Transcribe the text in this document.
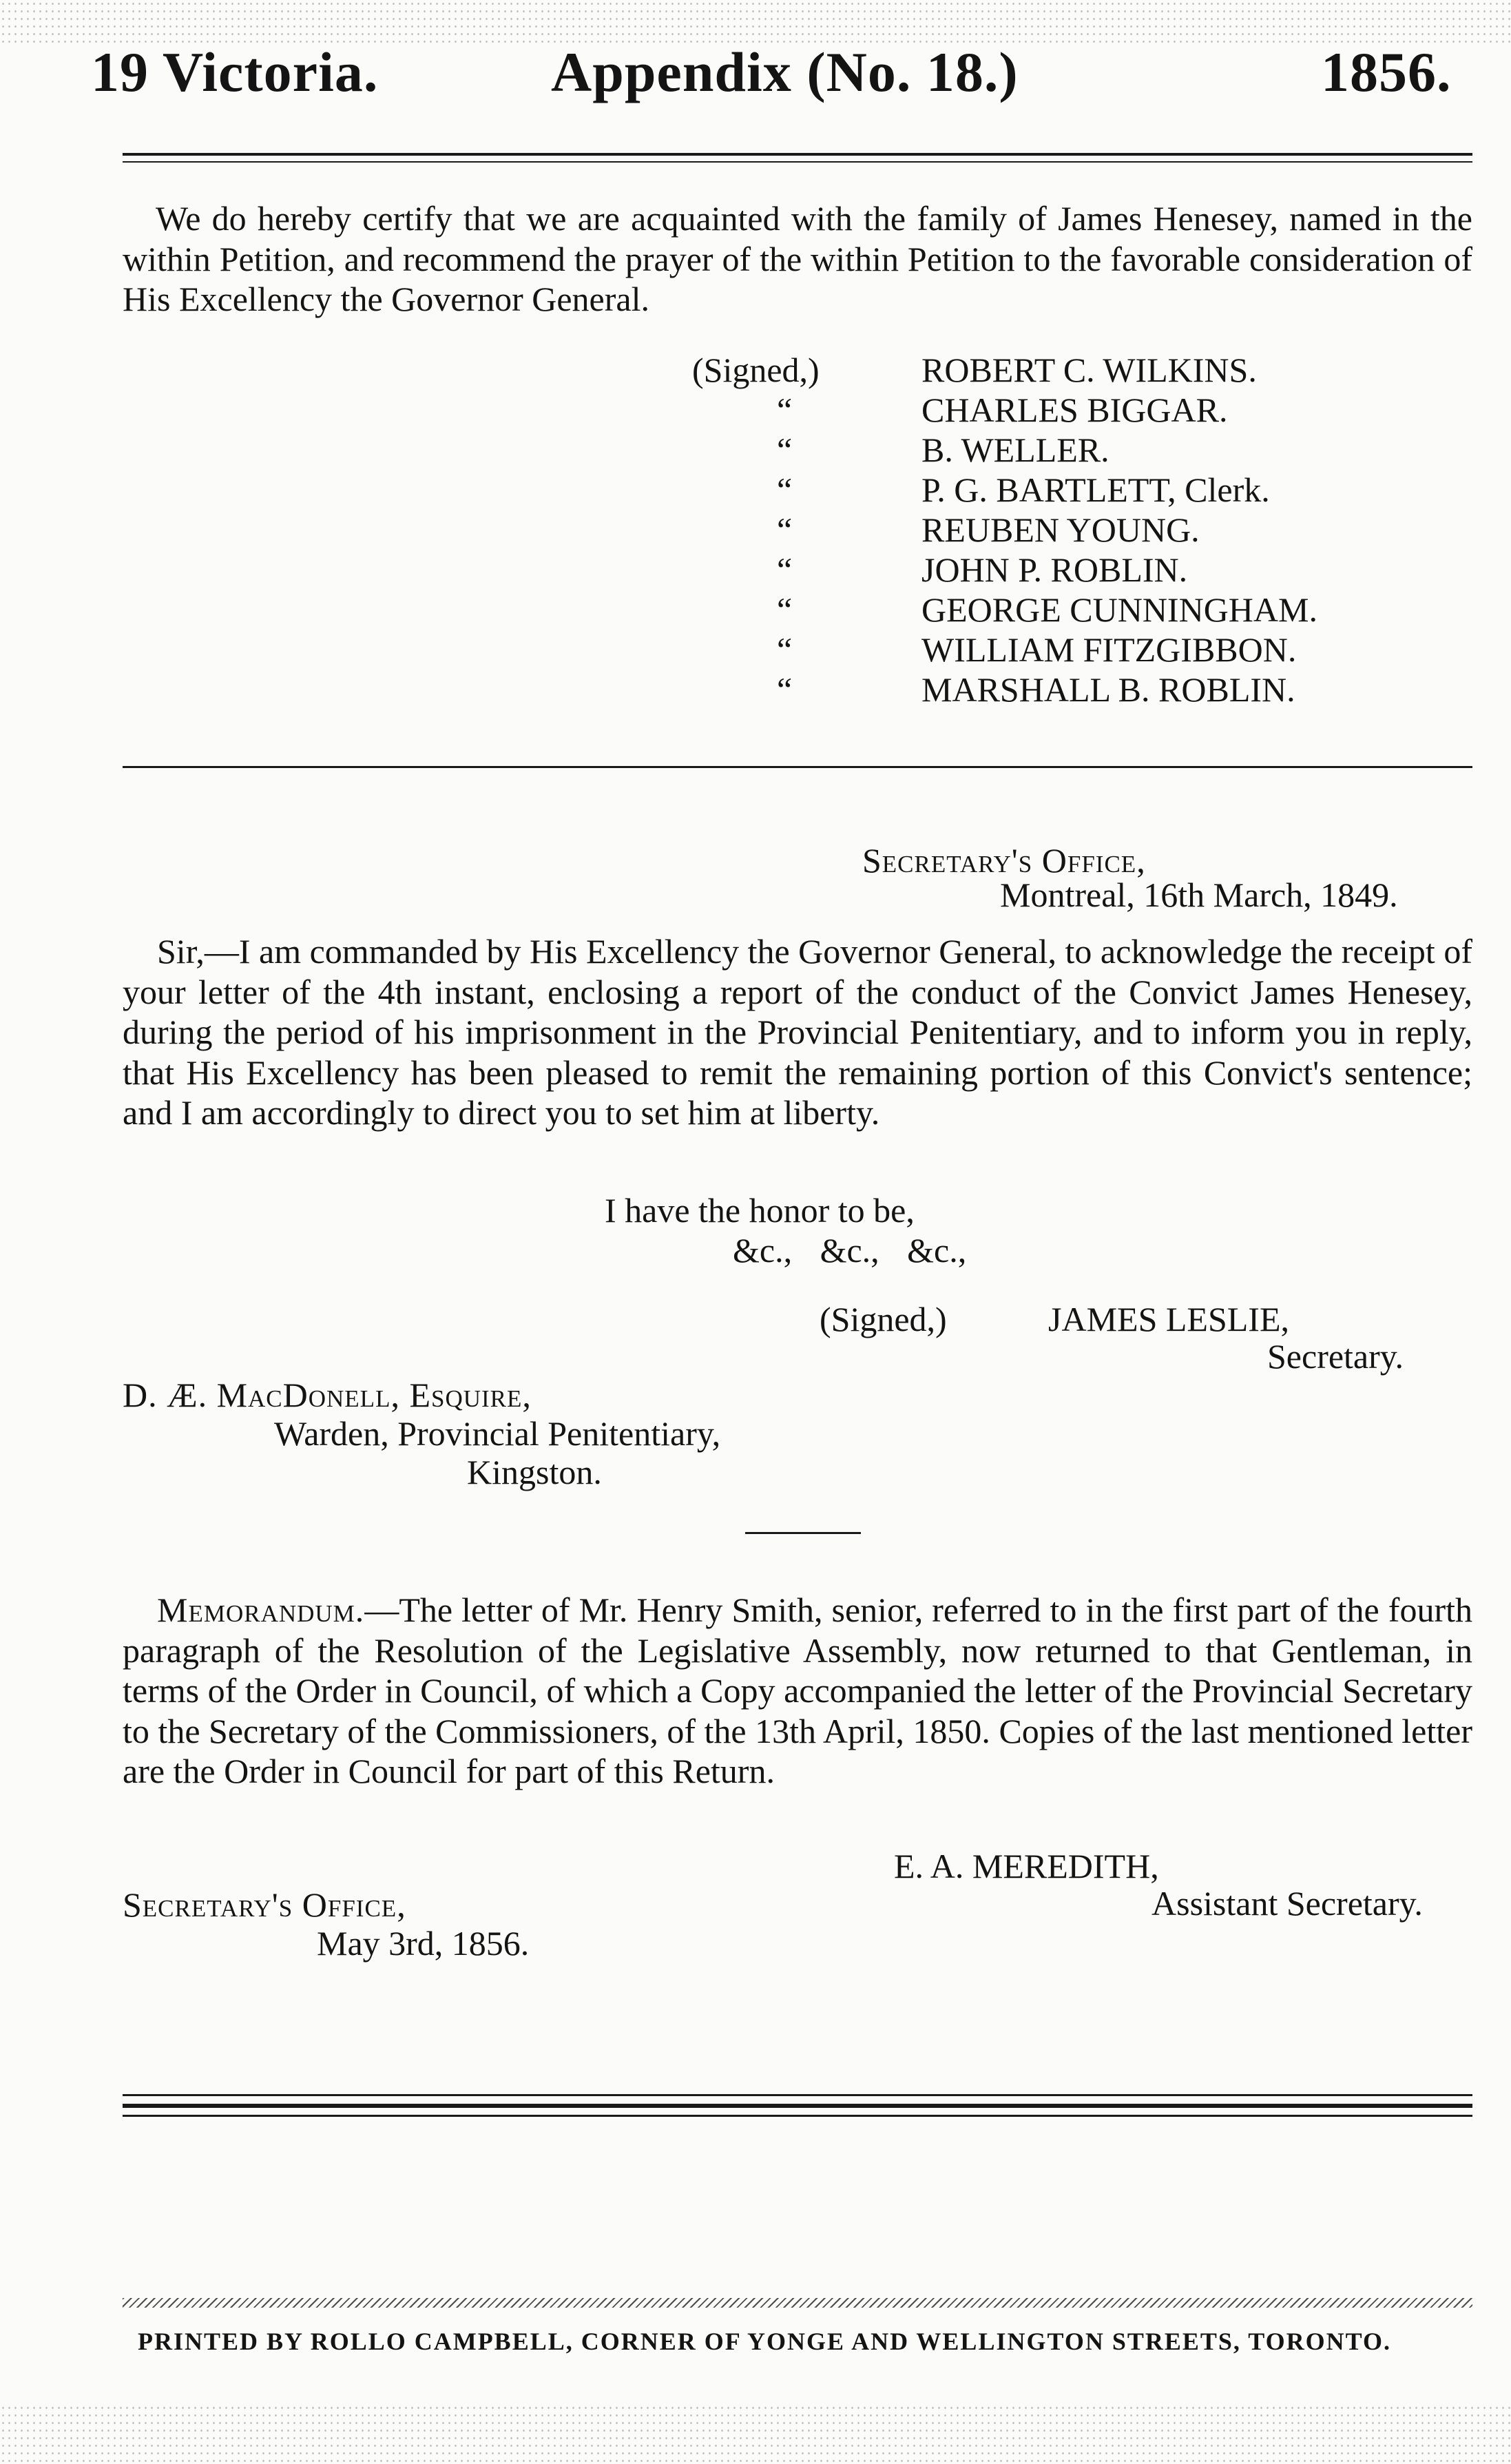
19 Victoria.	Appendix (No. 18.)	1856.
We do hereby certify that we are acquainted with the family of James Henesey, named in the within Petition, and recommend the prayer of the within Petition to the favorable consideration of His Excellency the Governor General.
(Signed,)	ROBERT C. WILKINS.
“	CHARLES BIGGAR.
“	B. WELLER.
“	P. G. BARTLETT, Clerk.
“	REUBEN YOUNG.
“	JOHN P. ROBLIN.
“	GEORGE CUNNINGHAM.
“	WILLIAM FITZGIBBON.
“	MARSHALL B. ROBLIN.
Secretary's Office,
Montreal, 16th March, 1849.
Sir,—I am commanded by His Excellency the Governor General, to acknowledge the receipt of your letter of the 4th instant, enclosing a report of the conduct of the Convict James Henesey, during the period of his imprisonment in the Provincial Penitentiary, and to inform you in reply, that His Excellency has been pleased to remit the remaining portion of this Convict's sentence; and I am accordingly to direct you to set him at liberty.
I have the honor to be,
&c., &c., &c.,
(Signed,)	JAMES LESLIE,
Secretary.
D. Æ. MacDonell, Esquire,
Warden, Provincial Penitentiary,
Kingston.
Memorandum.—The letter of Mr. Henry Smith, senior, referred to in the first part of the fourth paragraph of the Resolution of the Legislative Assembly, now returned to that Gentleman, in terms of the Order in Council, of which a Copy accompanied the letter of the Provincial Secretary to the Secretary of the Commissioners, of the 13th April, 1850. Copies of the last mentioned letter are the Order in Council for part of this Return.
E. A. MEREDITH,
Assistant Secretary.
Secretary's Office,
May 3rd, 1856.
PRINTED BY ROLLO CAMPBELL, CORNER OF YONGE AND WELLINGTON STREETS, TORONTO.
